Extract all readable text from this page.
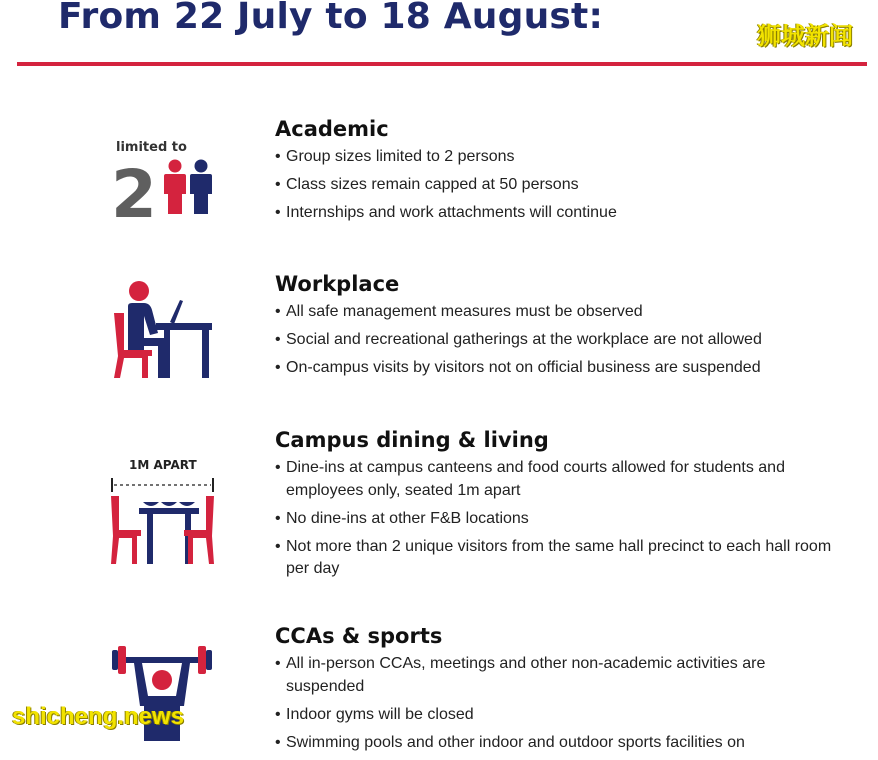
From 22 July to 18 August:	狮城新闻
limited to
2
1M APART
Academic
• Group sizes limited to 2 persons
• Class sizes remain capped at 50 persons
• Internships and work attachments will continue
Workplace
• All safe management measures must be observed
• Social and recreational gatherings at the workplace are not allowed
• On-campus visits by visitors not on official business are suspended
Campus dining & living
• Dine-ins at campus canteens and food courts allowed for students and employees only, seated 1m apart
• No dine-ins at other F&B locations
• Not more than 2 unique visitors from the same hall precinct to each hall room per day
CCAs & sports
• All in-person CCAs, meetings and other non-academic activities are suspended
• Indoor gyms will be closed
• Swimming pools and other indoor and outdoor sports facilities on
shicheng.news
